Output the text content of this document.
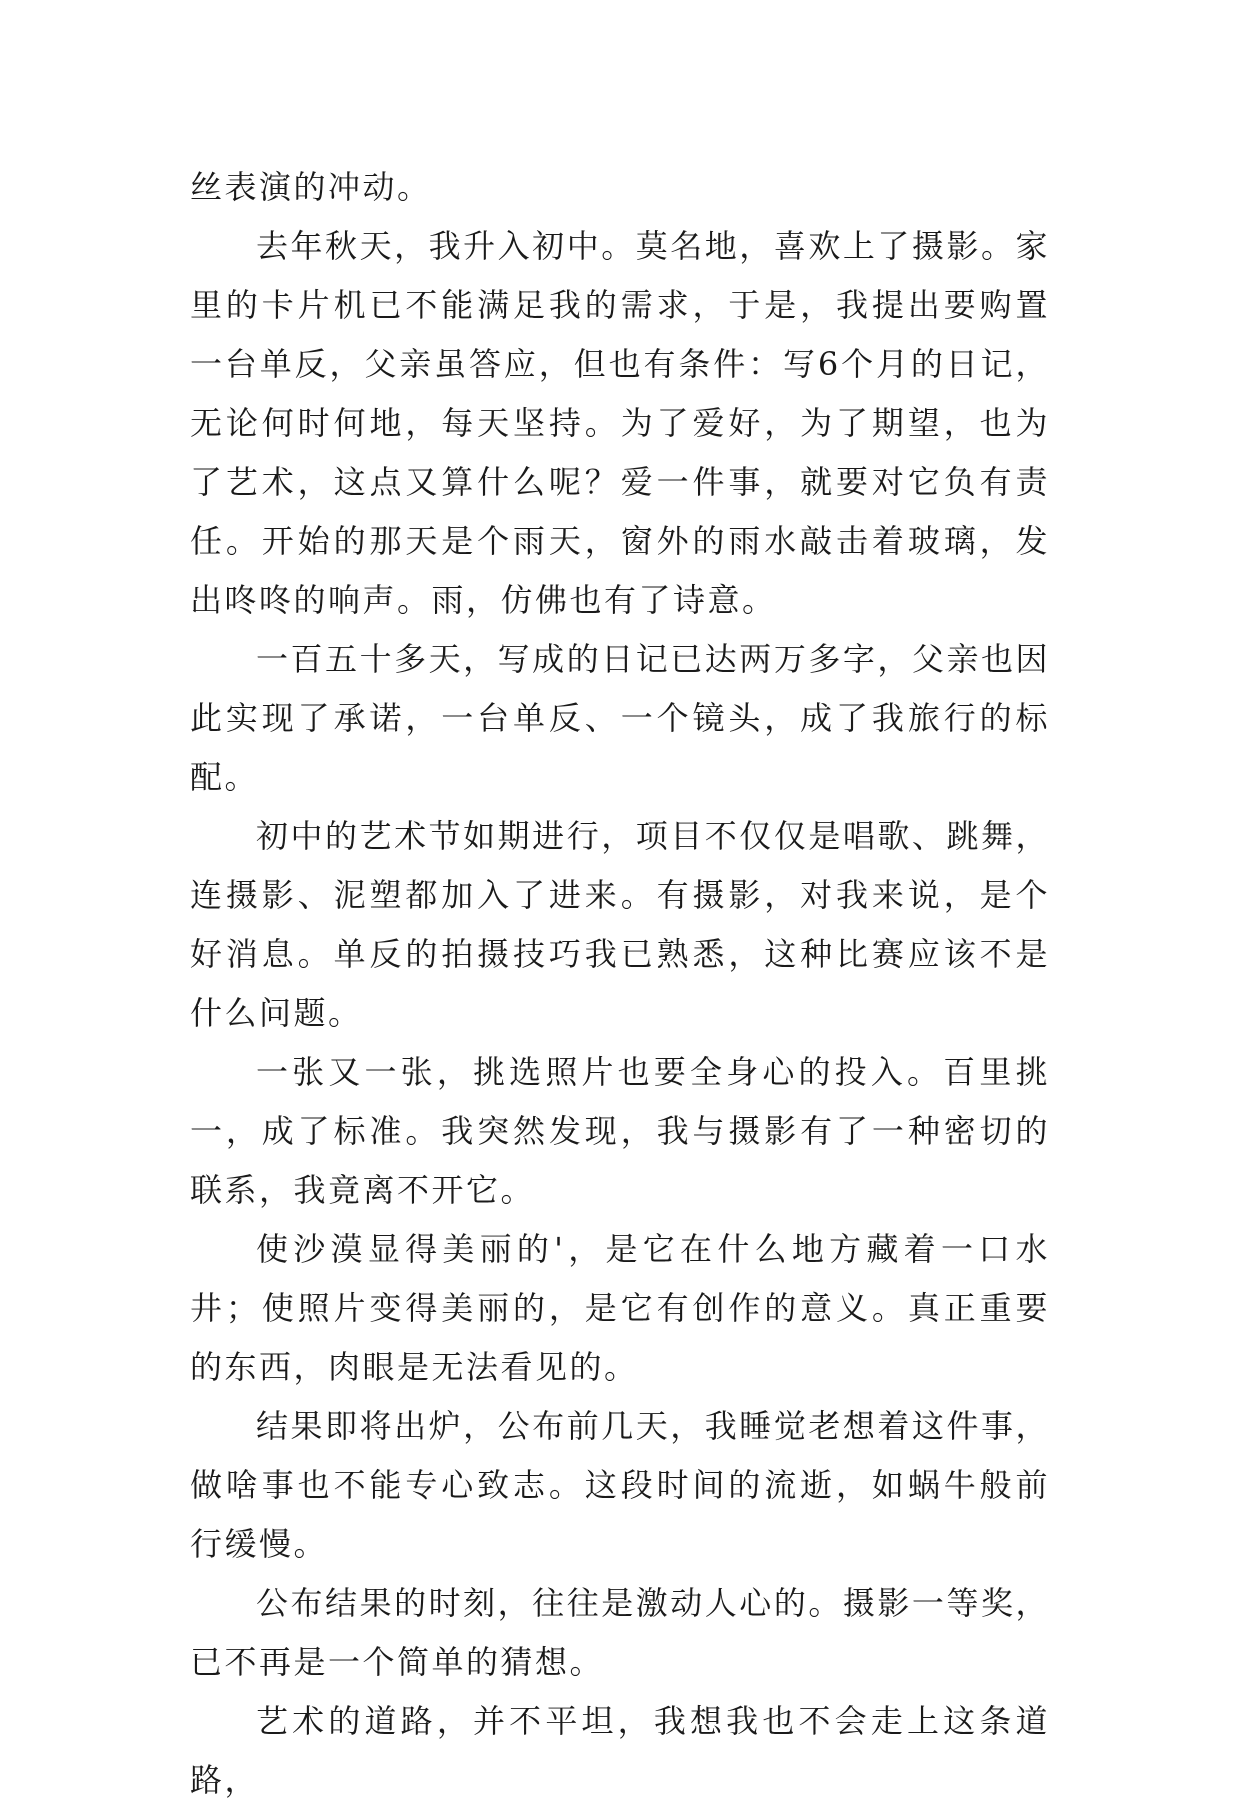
丝表演的冲动。

去年秋天，我升入初中。莫名地，喜欢上了摄影。家里的卡片机已不能满足我的需求，于是，我提出要购置一台单反，父亲虽答应，但也有条件：写6个月的日记，无论何时何地，每天坚持。为了爱好，为了期望，也为了艺术，这点又算什么呢？爱一件事，就要对它负有责任。开始的那天是个雨天，窗外的雨水敲击着玻璃，发出咚咚的响声。雨，仿佛也有了诗意。

一百五十多天，写成的日记已达两万多字，父亲也因此实现了承诺，一台单反、一个镜头，成了我旅行的标配。

初中的艺术节如期进行，项目不仅仅是唱歌、跳舞，连摄影、泥塑都加入了进来。有摄影，对我来说，是个好消息。单反的拍摄技巧我已熟悉，这种比赛应该不是什么问题。

一张又一张，挑选照片也要全身心的投入。百里挑一，成了标准。我突然发现，我与摄影有了一种密切的联系，我竟离不开它。

使沙漠显得美丽的'，是它在什么地方藏着一口水井；使照片变得美丽的，是它有创作的意义。真正重要的东西，肉眼是无法看见的。

结果即将出炉，公布前几天，我睡觉老想着这件事，做啥事也不能专心致志。这段时间的流逝，如蜗牛般前行缓慢。

公布结果的时刻，往往是激动人心的。摄影一等奖，已不再是一个简单的猜想。

艺术的道路，并不平坦，我想我也不会走上这条道路，
